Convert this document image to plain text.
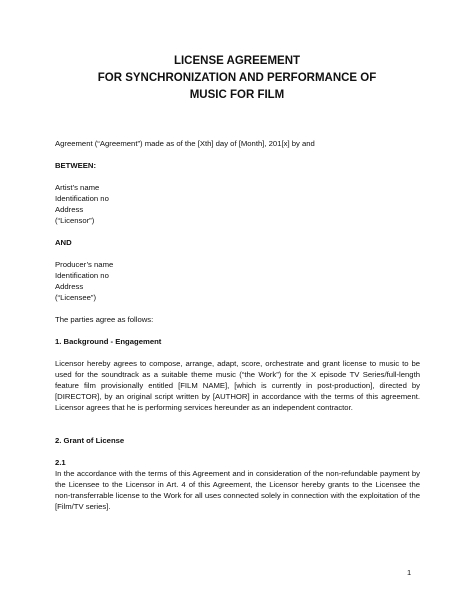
LICENSE AGREEMENT
FOR SYNCHRONIZATION AND PERFORMANCE OF
MUSIC FOR FILM

Agreement (“Agreement”) made as of the [Xth] day of [Month], 201[x] by and

BETWEEN:

Artist’s name

Identification no

Address

(“Licensor”)

AND

Producer’s name

Identification no

Address

(“Licensee”)

The parties agree as follows:

1. Background - Engagement

Licensor hereby agrees to compose, arrange, adapt, score, orchestrate and grant license to music to be used for the soundtrack as a suitable theme music (“the Work”) for the X episode TV Series/full-length feature film provisionally entitled [FILM NAME], [which is currently in post-production], directed by [DIRECTOR], by an original script written by [AUTHOR] in accordance with the terms of this agreement. Licensor agrees that he is performing services hereunder as an independent contractor.

2. Grant of License

2.1

In the accordance with the terms of this Agreement and in consideration of the non-refundable payment by the Licensee to the Licensor in Art. 4 of this Agreement, the Licensor hereby grants to the Licensee the non-transferrable license to the Work for all uses connected solely in connection with the exploitation of the [Film/TV series].

1
